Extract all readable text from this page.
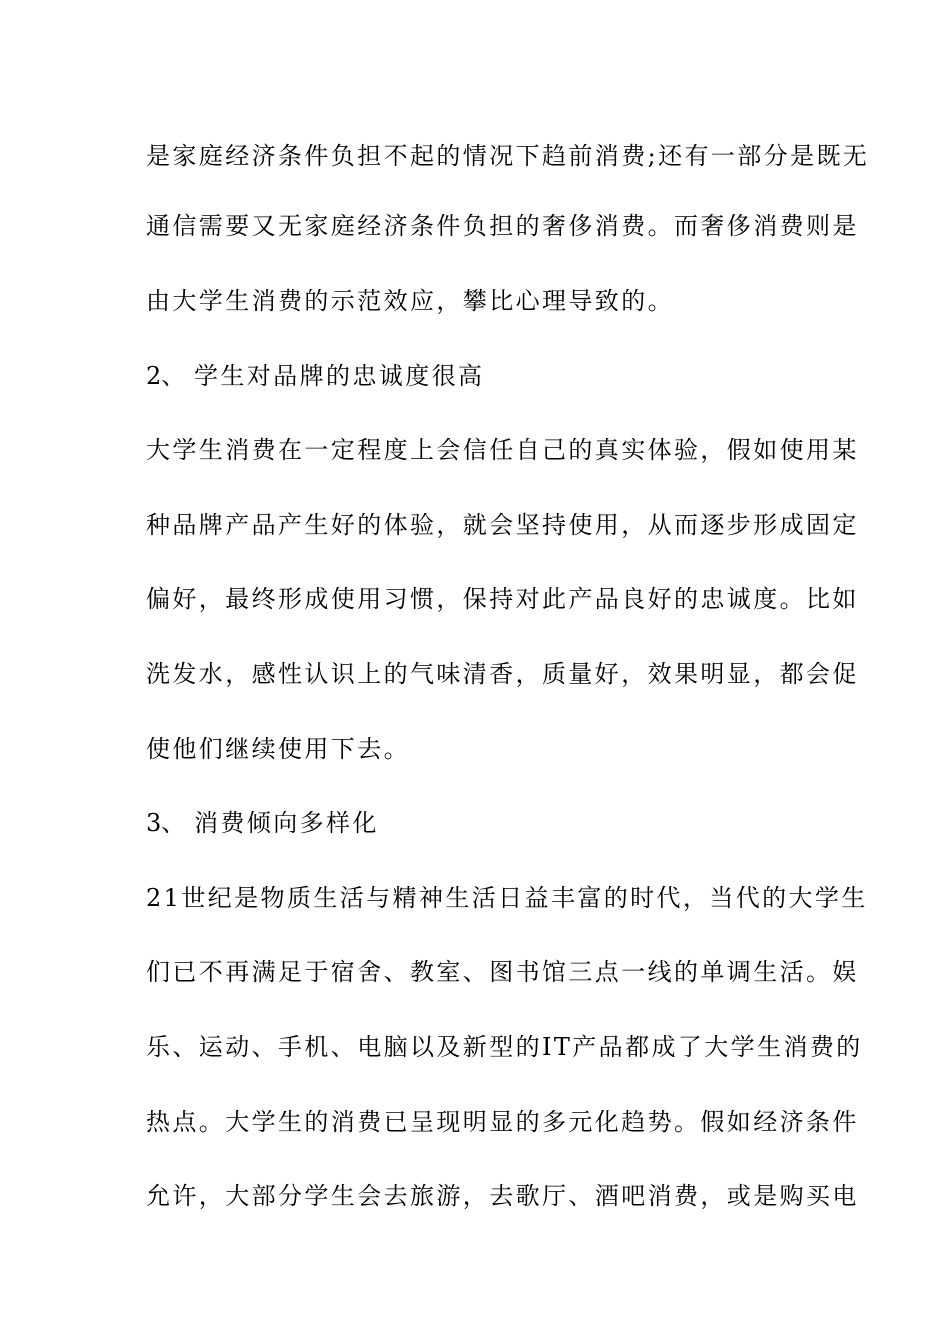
是家庭经济条件负担不起的情况下趋前消费;还有一部分是既无
通信需要又无家庭经济条件负担的奢侈消费。而奢侈消费则是
由大学生消费的示范效应，攀比心理导致的。
2、 学生对品牌的忠诚度很高
大学生消费在一定程度上会信任自己的真实体验，假如使用某
种品牌产品产生好的体验，就会坚持使用，从而逐步形成固定
偏好，最终形成使用习惯，保持对此产品良好的忠诚度。比如
洗发水，感性认识上的气味清香，质量好，效果明显，都会促
使他们继续使用下去。
3、 消费倾向多样化
21世纪是物质生活与精神生活日益丰富的时代，当代的大学生
们已不再满足于宿舍、教室、图书馆三点一线的单调生活。娱
乐、运动、手机、电脑以及新型的IT产品都成了大学生消费的
热点。大学生的消费已呈现明显的多元化趋势。假如经济条件
允许，大部分学生会去旅游，去歌厅、酒吧消费，或是购买电
